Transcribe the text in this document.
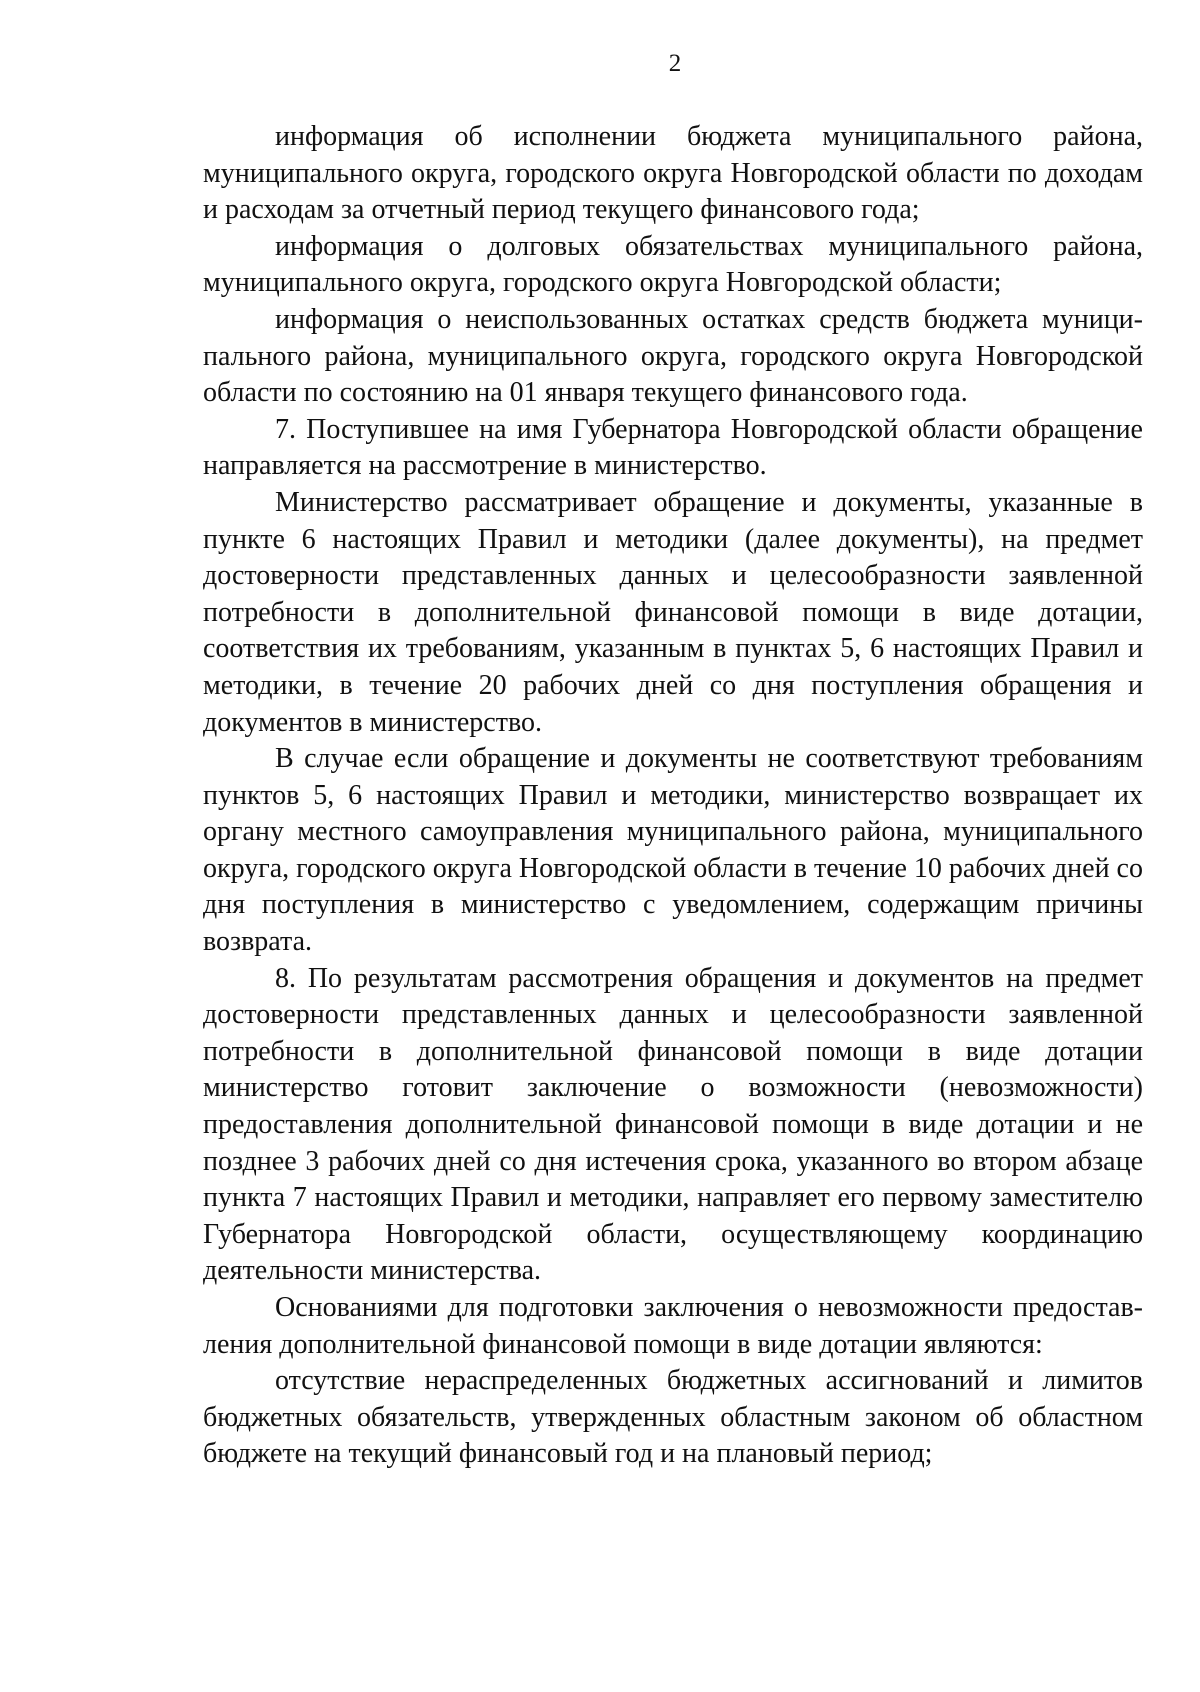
2

информация об исполнении бюджета муниципального района, муниципального округа, городского округа Новгородской области по доходам и расходам за отчетный период текущего финансового года;

информация о долговых обязательствах муниципального района, муниципального округа, городского округа Новгородской области;

информация о неиспользованных остатках средств бюджета муниципального района, муниципального округа, городского округа Новгородской области по состоянию на 01 января текущего финансового года.

7. Поступившее на имя Губернатора Новгородской области обращение направляется на рассмотрение в министерство.

Министерство рассматривает обращение и документы, указанные в пункте 6 настоящих Правил и методики (далее документы), на предмет достоверности представленных данных и целесообразности заявленной потребности в дополнительной финансовой помощи в виде дотации, соответствия их требованиям, указанным в пунктах 5, 6 настоящих Правил и методики, в течение 20 рабочих дней со дня поступления обращения и документов в министерство.

В случае если обращение и документы не соответствуют требованиям пунктов 5, 6 настоящих Правил и методики, министерство возвращает их органу местного самоуправления муниципального района, муниципального округа, городского округа Новгородской области в течение 10 рабочих дней со дня поступления в министерство с уведомлением, содержащим причины возврата.

8. По результатам рассмотрения обращения и документов на предмет достоверности представленных данных и целесообразности заявленной потребности в дополнительной финансовой помощи в виде дотации министерство готовит заключение о возможности (невозможности) предоставления дополнительной финансовой помощи в виде дотации и не позднее 3 рабочих дней со дня истечения срока, указанного во втором абзаце пункта 7 настоящих Правил и методики, направляет его первому заместителю Губернатора Новгородской области, осуществляющему координацию деятельности министерства.

Основаниями для подготовки заключения о невозможности предоставления дополнительной финансовой помощи в виде дотации являются:

отсутствие нераспределенных бюджетных ассигнований и лимитов бюджетных обязательств, утвержденных областным законом об областном бюджете на текущий финансовый год и на плановый период;
